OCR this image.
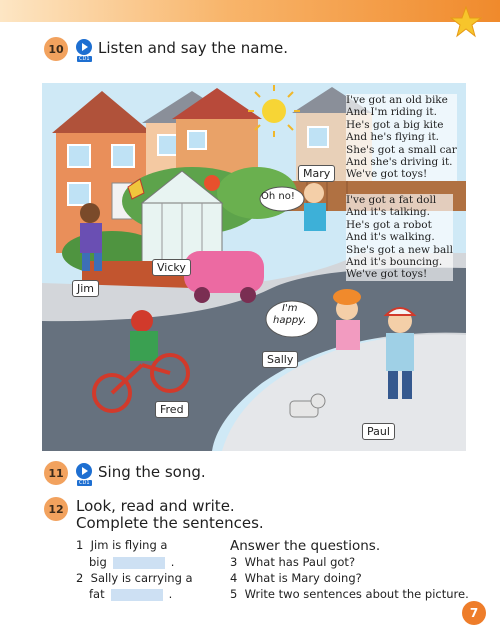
10
CD1
Listen and say the name.
Oh no!
I'm
happy.
Jim
Vicky
Mary
Fred
Sally
Paul
I've got an old bike
And I'm riding it.
He's got a big kite
And he's flying it.
She's got a small car
And she's driving it.
We've got toys!
I've got a fat doll
And it's talking.
He's got a robot
And it's walking.
She's got a new ball
And it's bouncing.
We've got toys!
11
CD1
Sing the song.
12 Look, read and write.
Complete the sentences.
1 Jim is flying a
big	.
2 Sally is carrying a
fat	.
Answer the questions.
3 What has Paul got?
4 What is Mary doing?
5 Write two sentences about the picture.
7
